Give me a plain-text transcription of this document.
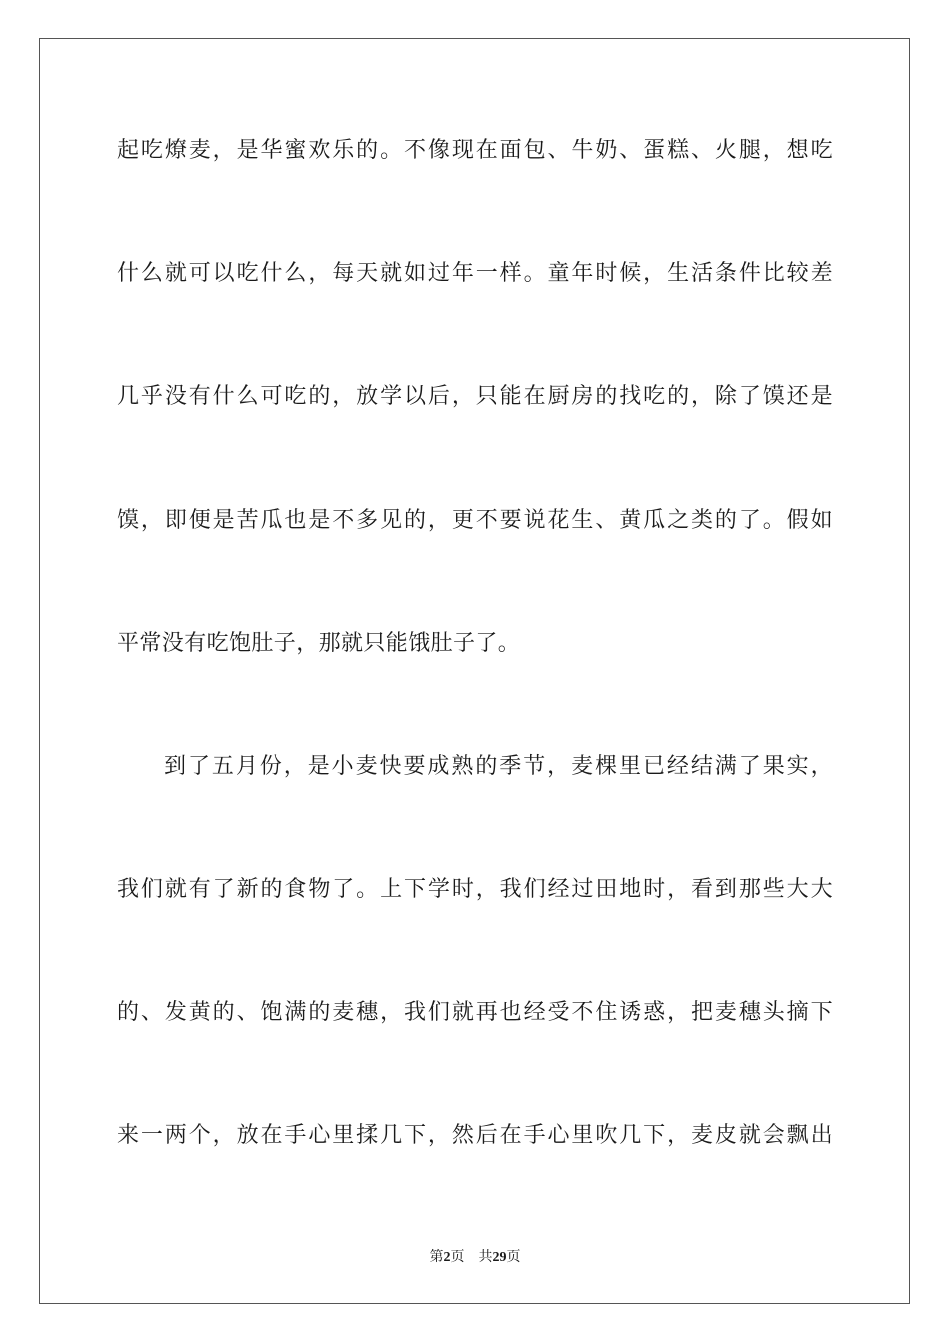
起吃燎麦，是华蜜欢乐的。不像现在面包、牛奶、蛋糕、火腿，想吃
什么就可以吃什么，每天就如过年一样。童年时候，生活条件比较差
几乎没有什么可吃的，放学以后，只能在厨房的找吃的，除了馍还是
馍，即便是苦瓜也是不多见的，更不要说花生、黄瓜之类的了。假如
平常没有吃饱肚子，那就只能饿肚子了。
到了五月份，是小麦快要成熟的季节，麦棵里已经结满了果实，
我们就有了新的食物了。上下学时，我们经过田地时，看到那些大大
的、发黄的、饱满的麦穗，我们就再也经受不住诱惑，把麦穗头摘下
来一两个，放在手心里揉几下，然后在手心里吹几下，麦皮就会飘出
第2页 共29页
